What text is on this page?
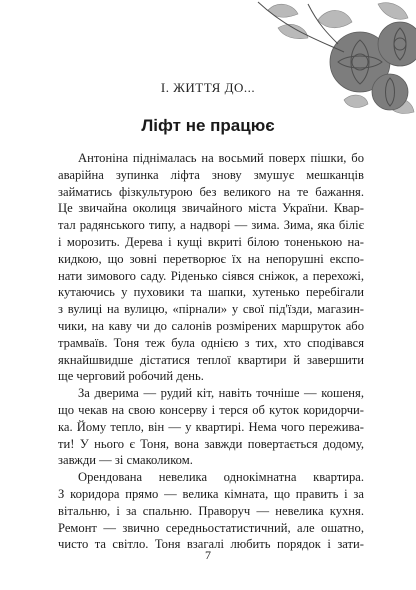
I. ЖИТТЯ ДО...
Ліфт не працює
Антоніна піднімалась на восьмий поверх пішки, бо
аварійна зупинка ліфта знову змушує мешканців
займатись фізкультурою без великого на те бажання.
Це звичайна околиця звичайного міста України. Квар-
тал радянського типу, а надворі — зима. Зима, яка біліє
і морозить. Дерева і кущі вкриті білою тоненькою на-
кидкою, що зовні перетворює їх на непорушні експо-
нати зимового саду. Ріденько сіявся сніжок, а перехожі,
кутаючись у пуховики та шапки, хутенько перебігали
з вулиці на вулицю, «пірнали» у свої під'їзди, магазин-
чики, на каву чи до салонів розмірених маршруток або
трамваїв. Тоня теж була однією з тих, хто сподівався
якнайшвидше дістатися теплої квартири й завершити
ще черговий робочий день.
За дверима — рудий кіт, навіть точніше — кошеня,
що чекав на свою консерву і терся об куток коридорчи-
ка. Йому тепло, він — у квартирі. Нема чого пережива-
ти! У нього є Тоня, вона завжди повертається додому,
завжди — зі смаколиком.
Орендована невелика однокімнатна квартира.
З коридора прямо — велика кімната, що править і за
вітальню, і за спальню. Праворуч — невелика кухня.
Ремонт — звично середньостатистичний, але ошатно,
чисто та світло. Тоня взагалі любить порядок і зати-
7
